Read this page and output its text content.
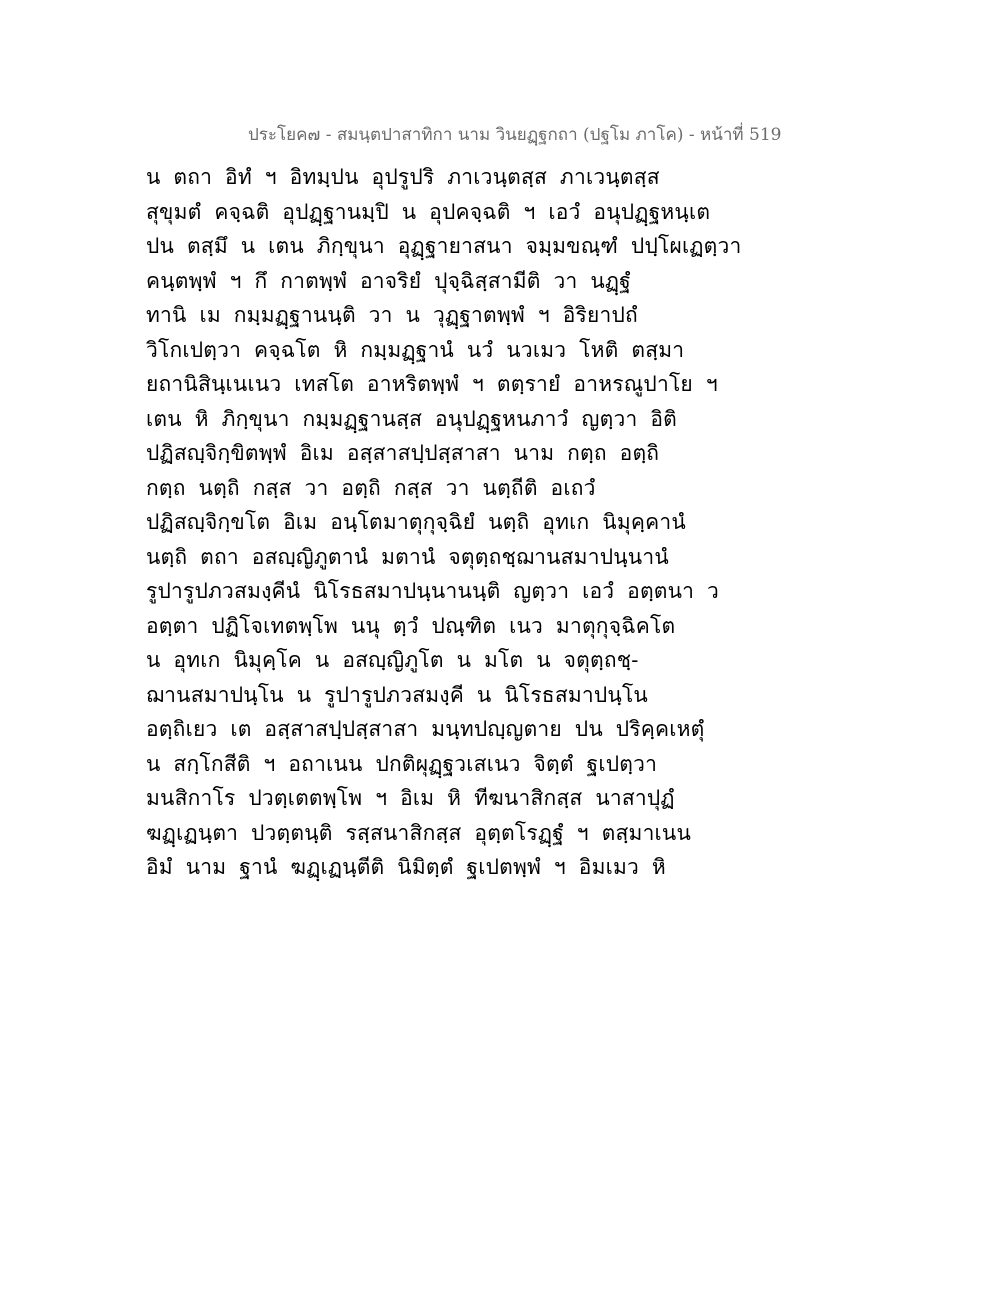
ประโยค๗ - สมนฺตปาสาทิกา นาม วินยฏฺฐกถา (ปฐโม ภาโค) - หน้าที่ 519
น ตถา อิทํ ฯ อิทมฺปน อุปรูปริ ภาเวนฺตสฺส ภาเวนฺตสฺส
สุขุมตํ คจฺฉติ อุปฏฺฐานมฺปิ น อุปคจฺฉติ ฯ เอวํ อนุปฏฺฐหนฺเต
ปน ตสฺมึ น เตน ภิกฺขุนา อุฏฺฐายาสนา จมฺมขณฺฑํ ปปฺโผเฏตฺวา
คนฺตพฺพํ ฯ กึ กาตพฺพํ อาจริยํ ปุจฺฉิสฺสามีติ วา นฏฺฐํ
ทานิ เม กมฺมฏฺฐานนฺติ วา น วุฏฺฐาตพฺพํ ฯ อิริยาปถํ
วิโกเปตฺวา คจฺฉโต หิ กมฺมฏฺฐานํ นวํ นวเมว โหติ ตสฺมา
ยถานิสินฺเนเนว เทสโต อาหริตพฺพํ ฯ ตตฺรายํ อาหรณูปาโย ฯ
เตน หิ ภิกฺขุนา กมฺมฏฺฐานสฺส อนุปฏฺฐหนภาวํ ญตฺวา อิติ
ปฏิสญฺจิกฺขิตพฺพํ อิเม อสฺสาสปฺปสฺสาสา นาม กตฺถ อตฺถิ
กตฺถ นตฺถิ กสฺส วา อตฺถิ กสฺส วา นตฺถีติ อเถวํ
ปฏิสญฺจิกฺขโต อิเม อนฺโตมาตุกุจฺฉิยํ นตฺถิ อุทเก นิมุคฺคานํ
นตฺถิ ตถา อสญฺญิภูตานํ มตานํ จตุตฺถชฺฌานสมาปนฺนานํ
รูปารูปภวสมงฺคีนํ นิโรธสมาปนฺนานนฺติ ญตฺวา เอวํ อตฺตนา ว
อตฺตา ปฏิโจเทตพฺโพ นนุ ตฺวํ ปณฺฑิต เนว มาตุกุจฺฉิคโต
น อุทเก นิมุคฺโค น อสญฺญิภูโต น มโต น จตุตฺถชฺ-
ฌานสมาปนฺโน น รูปารูปภวสมงฺคี น นิโรธสมาปนฺโน
อตฺถิเยว เต อสฺสาสปฺปสฺสาสา มนฺทปญฺญตาย ปน ปริคฺคเหตุํ
น สกฺโกสีติ ฯ อถาเนน ปกติผุฏฺฐวเสเนว จิตฺตํ ฐเปตฺวา
มนสิกาโร ปวตฺเตตพฺโพ ฯ อิเม หิ ทีฆนาสิกสฺส นาสาปุฏํ
ฆฏฺเฏนฺตา ปวตฺตนฺติ รสฺสนาสิกสฺส อุตฺตโรฏฺฐํ ฯ ตสฺมาเนน
อิมํ นาม ฐานํ ฆฏฺเฏนฺตีติ นิมิตฺตํ ฐเปตพฺพํ ฯ อิมเมว หิ
